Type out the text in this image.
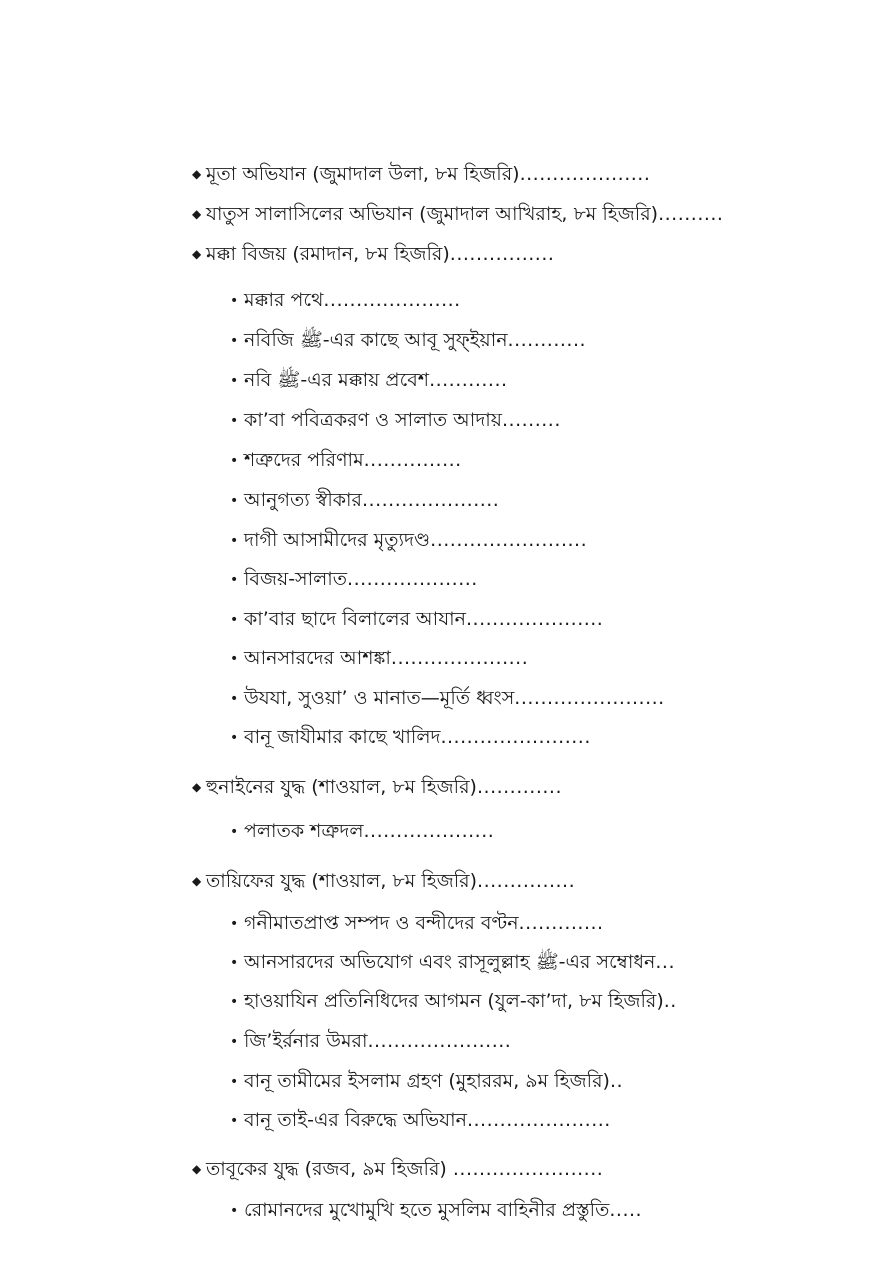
◆ মূতা অভিযান (জুমাদাল উলা, ৮ম হিজরি)....................
◆ যাতুস সালাসিলের অভিযান (জুমাদাল আখিরাহ, ৮ম হিজরি)..........
◆ মক্কা বিজয় (রমাদান, ৮ম হিজরি)................
• মক্কার পথে.....................
• নবিজি ﷺ-এর কাছে আবূ সুফ্ইয়ান............
• নবি ﷺ-এর মক্কায় প্রবেশ............
• কা’বা পবিত্রকরণ ও সালাত আদায়.........
• শত্রুদের পরিণাম...............
• আনুগত্য স্বীকার.....................
• দাগী আসামীদের মৃত্যুদণ্ড........................
• বিজয়-সালাত....................
• কা’বার ছাদে বিলালের আযান.....................
• আনসারদের আশঙ্কা.....................
• উযযা, সুওয়া’ ও মানাত—মূর্তি ধ্বংস.......................
• বানূ জাযীমার কাছে খালিদ.......................
◆ হুনাইনের যুদ্ধ (শাওয়াল, ৮ম হিজরি).............
• পলাতক শত্রুদল....................
◆ তায়িফের যুদ্ধ (শাওয়াল, ৮ম হিজরি)...............
• গনীমাতপ্রাপ্ত সম্পদ ও বন্দীদের বণ্টন.............
• আনসারদের অভিযোগ এবং রাসূলুল্লাহ ﷺ-এর সম্বোধন...
• হাওয়াযিন প্রতিনিধিদের আগমন (যুল-কা’দা, ৮ম হিজরি)..
• জি’ইর্রনার উমরা......................
• বানূ তামীমের ইসলাম গ্রহণ (মুহাররম, ৯ম হিজরি)..
• বানূ তাই-এর বিরুদ্ধে অভিযান......................
◆ তাবূকের যুদ্ধ (রজব, ৯ম হিজরি) .......................
• রোমানদের মুখোমুখি হতে মুসলিম বাহিনীর প্রস্তুতি.....
